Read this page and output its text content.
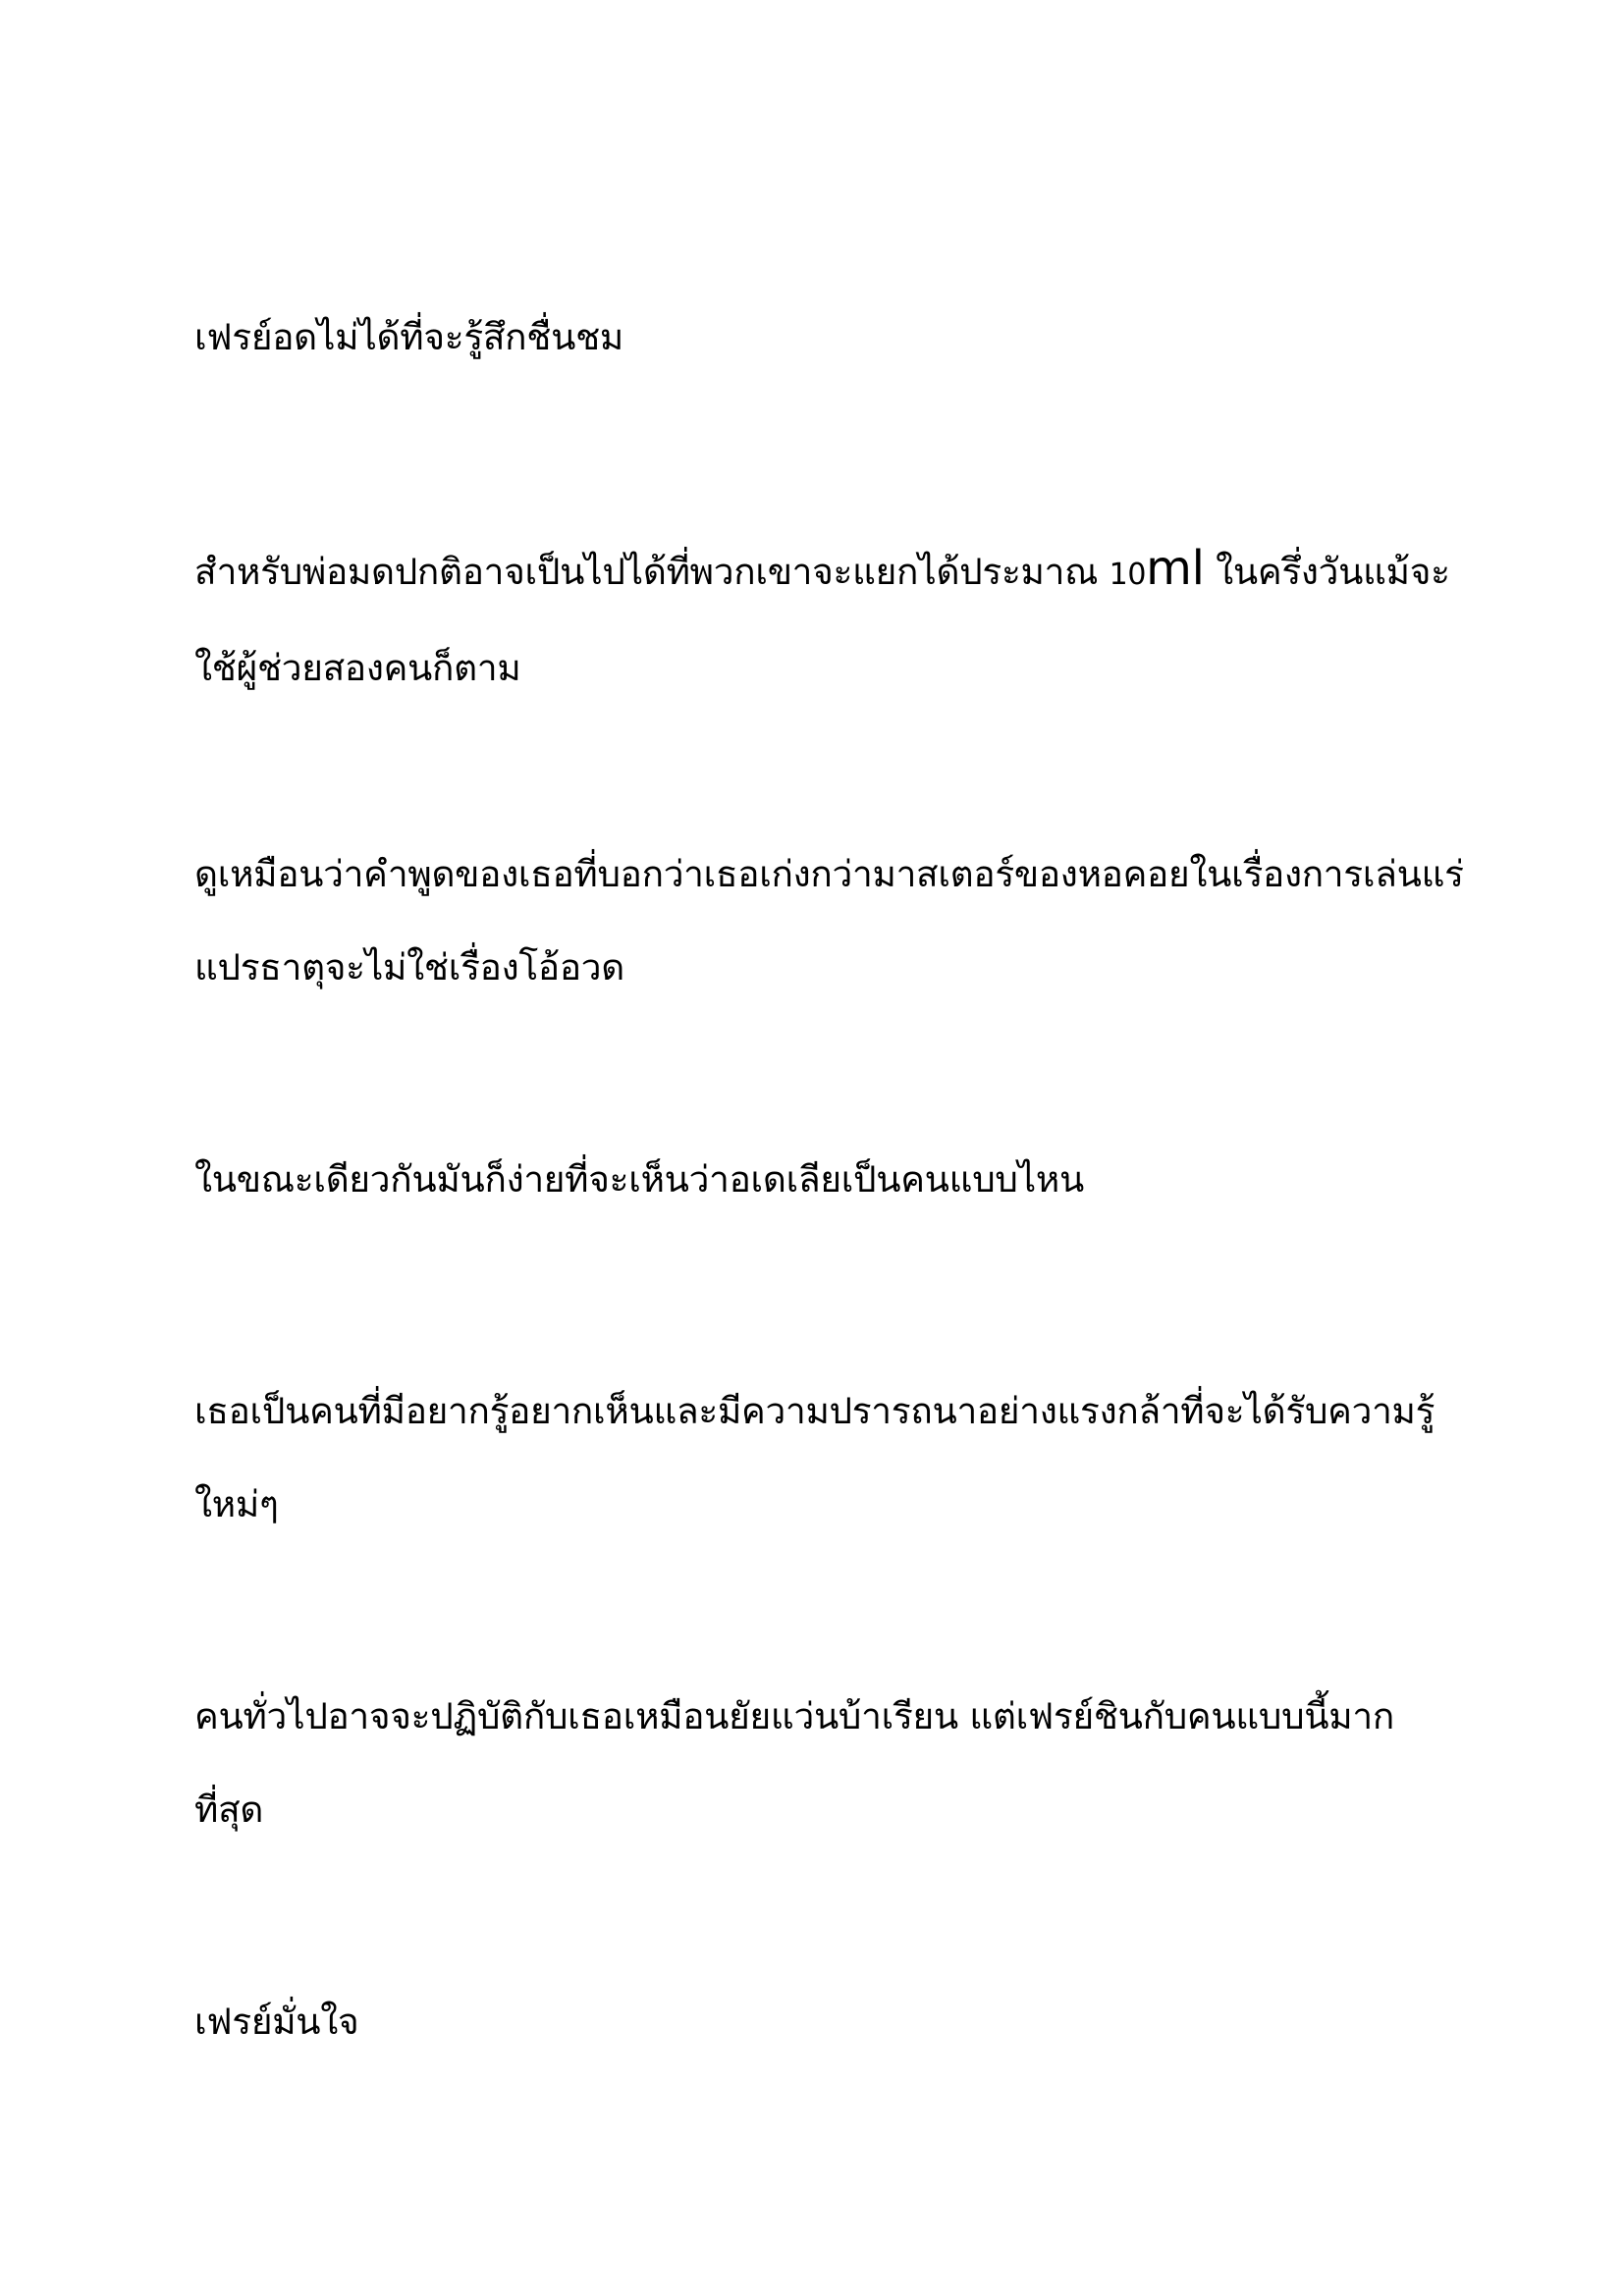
เฟรย์อดไม่ได้ที่จะรู้สึกชื่นชม

สำหรับพ่อมดปกติอาจเป็นไปได้ที่พวกเขาจะแยกได้ประมาณ 10ml ในครึ่งวันแม้จะ
ใช้ผู้ช่วยสองคนก็ตาม

ดูเหมือนว่าคำพูดของเธอที่บอกว่าเธอเก่งกว่ามาสเตอร์ของหอคอยในเรื่องการเล่นแร่
แปรธาตุจะไม่ใช่เรื่องโอ้อวด

ในขณะเดียวกันมันก็ง่ายที่จะเห็นว่าอเดเลียเป็นคนแบบไหน

เธอเป็นคนที่มีอยากรู้อยากเห็นและมีความปรารถนาอย่างแรงกล้าที่จะได้รับความรู้
ใหม่ๆ

คนทั่วไปอาจจะปฏิบัติกับเธอเหมือนยัยแว่นบ้าเรียน แต่เฟรย์ชินกับคนแบบนี้มาก
ที่สุด

เฟรย์มั่นใจ
